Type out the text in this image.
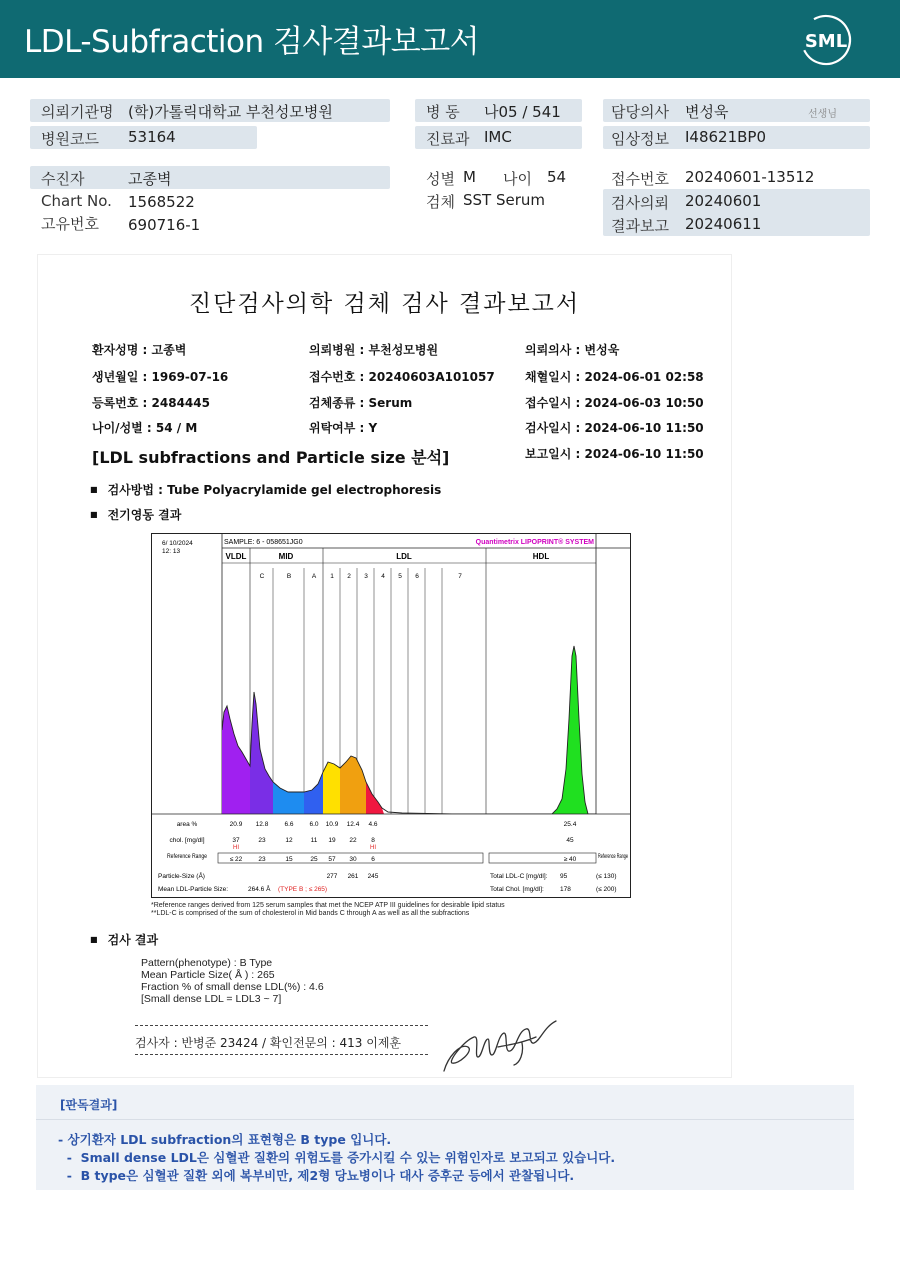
LDL-Subfraction 검사결과보고서	SML
의뢰기관명 (학)가톨릭대학교 부천성모병원
병원코드 53164
병 동 나05 / 541
진료과 IMC
담당의사 변성욱	선생님
임상정보 I48621BP0
수진자	고종벽
Chart No. 1568522
고유번호 690716-1
성별 M 나이 54
검체 SST Serum
접수번호 20240601-13512
검사의뢰 20240601
결과보고 20240611
진단검사의학 검체 검사 결과보고서
환자성명 : 고종벽	의뢰병원 : 부천성모병원	의뢰의사 : 변성욱
생년월일 : 1969-07-16	접수번호 : 20240603A101057	채혈일시 : 2024-06-01 02:58
등록번호 : 2484445	검체종류 : Serum	접수일시 : 2024-06-03 10:50
나이/성별 : 54 / M	위탁여부 : Y	검사일시 : 2024-06-10 11:50
[LDL subfractions and Particle size 분석]	보고일시 : 2024-06-10 11:50
■ 검사방법 : Tube Polyacrylamide gel electrophoresis
■ 전기영동 결과
6/ 10/2024
12: 13
SAMPLE: 6 - 058651JG0	Quantimetrix LIPOPRINT® SYSTEM
VLDL	MID	LDL	HDL
C	B	A 1 2 3 4 5 6	7
area %	20.9 12.8 6.6 6.0 10.9 12.4 4.6	25.4
chol. [mg/dl]	37	23	12	11 19 22 8	45
HI	HI
Reference Range	≤ 22 23	15	25 57 30 6	≥ 40	Reference Range
Particle-Size (Å)	277 261 245
Mean LDL-Particle Size:	264.6 Å (TYPE B ; ≤ 265)
Total LDL-C [mg/dl]: 95	(≤ 130)
Total Chol. [mg/dl]: 178	(≤ 200)
*Reference ranges derived from 125 serum samples that met the NCEP ATP III guidelines for desirable lipid status
**LDL-C is comprised of the sum of cholesterol in Mid bands C through A as well as all the subfractions
■ 검사 결과
Pattern(phenotype) : B Type
Mean Particle Size( Å ) : 265
Fraction % of small dense LDL(%) : 4.6
[Small dense LDL = LDL3 ~ 7]
검사자 : 반병준 23424 / 확인전문의 : 413 이제훈
[판독결과]
- 상기환자 LDL subfraction의 표현형은 B type 입니다.
-  Small dense LDL은 심혈관 질환의 위험도를 증가시킬 수 있는 위험인자로 보고되고 있습니다.
-  B type은 심혈관 질환 외에 복부비만, 제2형 당뇨병이나 대사 증후군 등에서 관찰됩니다.
